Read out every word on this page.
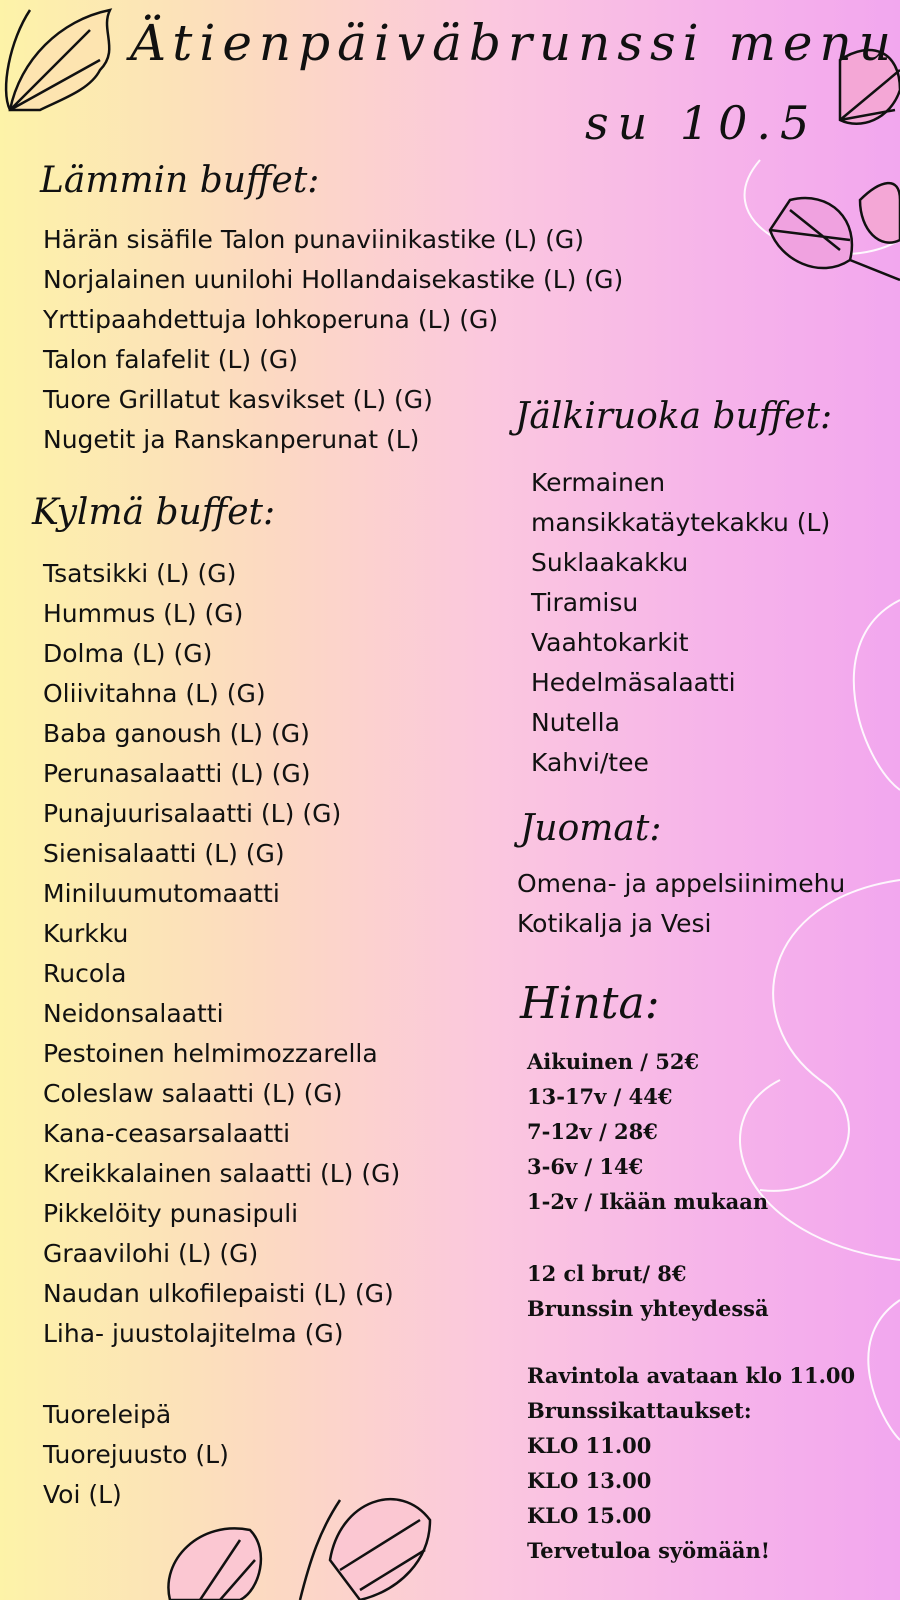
Ätienpäiväbrunssi menu
su 10.5
Lämmin buffet:
Härän sisäfile Talon punaviinikastike (L) (G)
Norjalainen uunilohi Hollandaisekastike (L) (G)
Yrttipaahdettuja lohkoperuna (L) (G)
Talon falafelit (L) (G)
Tuore Grillatut kasvikset (L) (G)
Nugetit ja Ranskanperunat (L)
Kylmä buffet:
Tsatsikki (L) (G)
Hummus (L) (G)
Dolma (L) (G)
Oliivitahna (L) (G)
Baba ganoush (L) (G)
Perunasalaatti (L) (G)
Punajuurisalaatti (L) (G)
Sienisalaatti (L) (G)
Miniluumutomaatti
Kurkku
Rucola
Neidonsalaatti
Pestoinen helmimozzarella
Coleslaw salaatti (L) (G)
Kana-ceasarsalaatti
Kreikkalainen salaatti (L) (G)
Pikkelöity punasipuli
Graavilohi (L) (G)
Naudan ulkofilepaisti (L) (G)
Liha- juustolajitelma (G)
Tuoreleipä
Tuorejuusto (L)
Voi (L)
Jälkiruoka buffet:
Kermainen
mansikkatäytekakku (L)
Suklaakakku
Tiramisu
Vaahtokarkit
Hedelmäsalaatti
Nutella
Kahvi/tee
Juomat:
Omena- ja appelsiinimehu
Kotikalja ja Vesi
Hinta:
Aikuinen / 52€
13-17v / 44€
7-12v / 28€
3-6v / 14€
1-2v / Ikään mukaan
12 cl brut/ 8€
Brunssin yhteydessä
Ravintola avataan klo 11.00
Brunssikattaukset:
KLO 11.00
KLO 13.00
KLO 15.00
Tervetuloa syömään!
